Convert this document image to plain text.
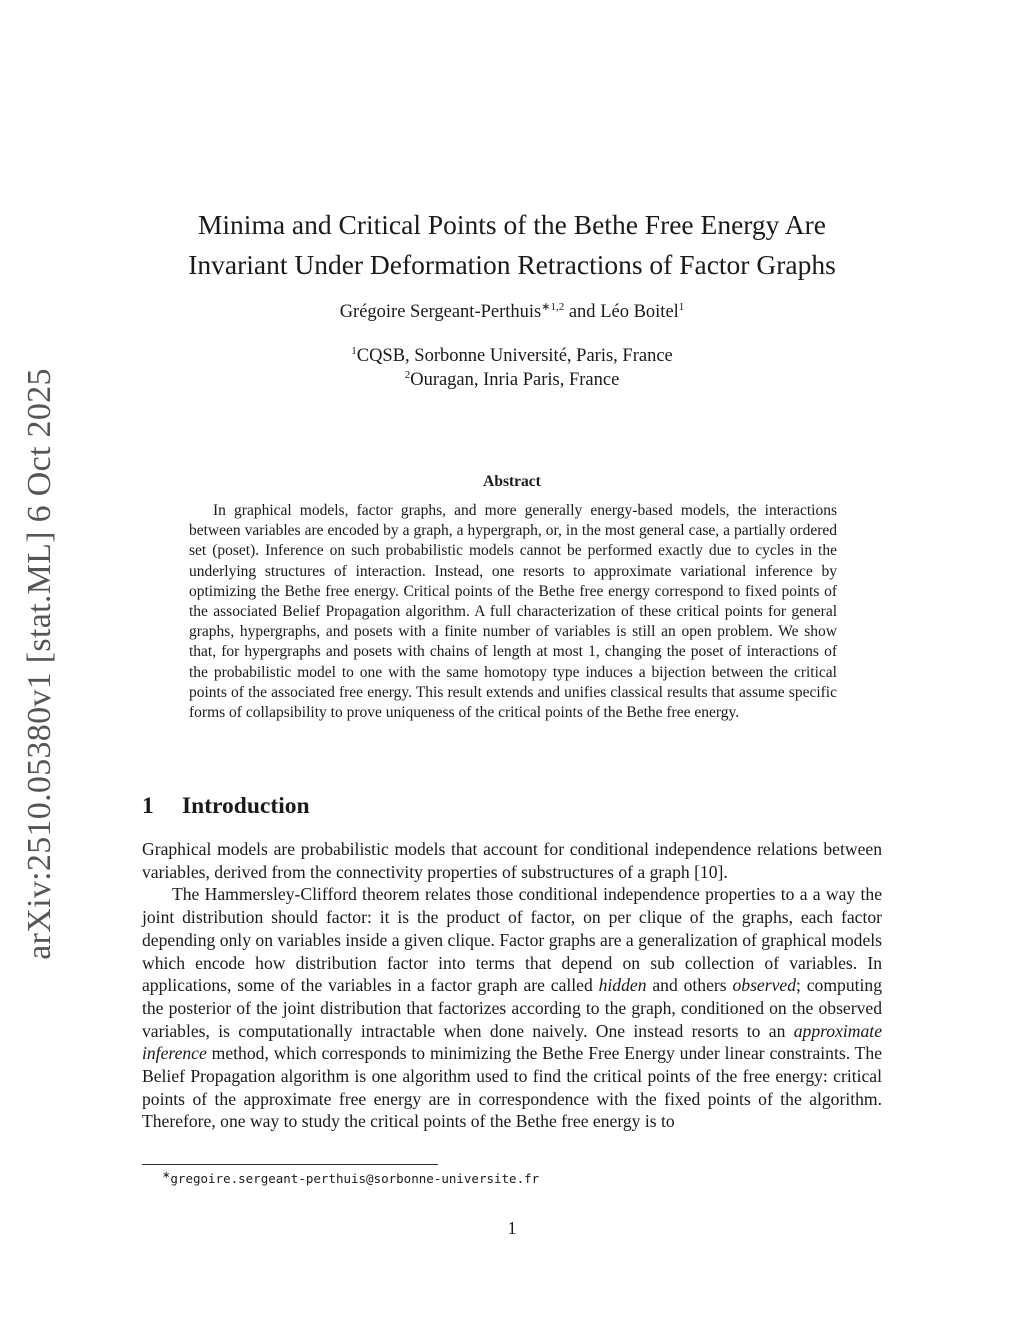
arXiv:2510.05380v1 [stat.ML] 6 Oct 2025
Minima and Critical Points of the Bethe Free Energy Are
Invariant Under Deformation Retractions of Factor Graphs
Grégoire Sergeant-Perthuis$^{∗1,2}$ and Léo Boitel$^1$
$^1$CQSB, Sorbonne Université, Paris, France
$^2$Ouragan, Inria Paris, France
Abstract

In graphical models, factor graphs, and more generally energy-based models, the interactions between variables are encoded by a graph, a hypergraph, or, in the most general case, a partially ordered set (poset). Inference on such probabilistic models cannot be performed exactly due to cycles in the underlying structures of interaction. Instead, one resorts to approximate variational inference by optimizing the Bethe free energy. Critical points of the Bethe free energy correspond to fixed points of the associated Belief Propagation algorithm. A full characterization of these critical points for general graphs, hypergraphs, and posets with a finite number of variables is still an open problem. We show that, for hypergraphs and posets with chains of length at most 1, changing the poset of interactions of the probabilistic model to one with the same homotopy type induces a bijection between the critical points of the associated free energy. This result extends and unifies classical results that assume specific forms of collapsibility to prove uniqueness of the critical points of the Bethe free energy.

1 Introduction

Graphical models are probabilistic models that account for conditional independence relations between variables, derived from the connectivity properties of substructures of a graph [10].

The Hammersley-Clifford theorem relates those conditional independence properties to a a way the joint distribution should factor: it is the product of factor, on per clique of the graphs, each factor depending only on variables inside a given clique. Factor graphs are a generalization of graphical models which encode how distribution factor into terms that depend on sub collection of variables. In applications, some of the variables in a factor graph are called hidden and others observed; computing the posterior of the joint distribution that factorizes according to the graph, conditioned on the observed variables, is computationally intractable when done naively. One instead resorts to an approximate inference method, which corresponds to minimizing the Bethe Free Energy under linear constraints. The Belief Propagation algorithm is one algorithm used to find the critical points of the free energy: critical points of the approximate free energy are in correspondence with the fixed points of the algorithm. Therefore, one way to study the critical points of the Bethe free energy is to

∗gregoire.sergeant-perthuis@sorbonne-universite.fr
1
